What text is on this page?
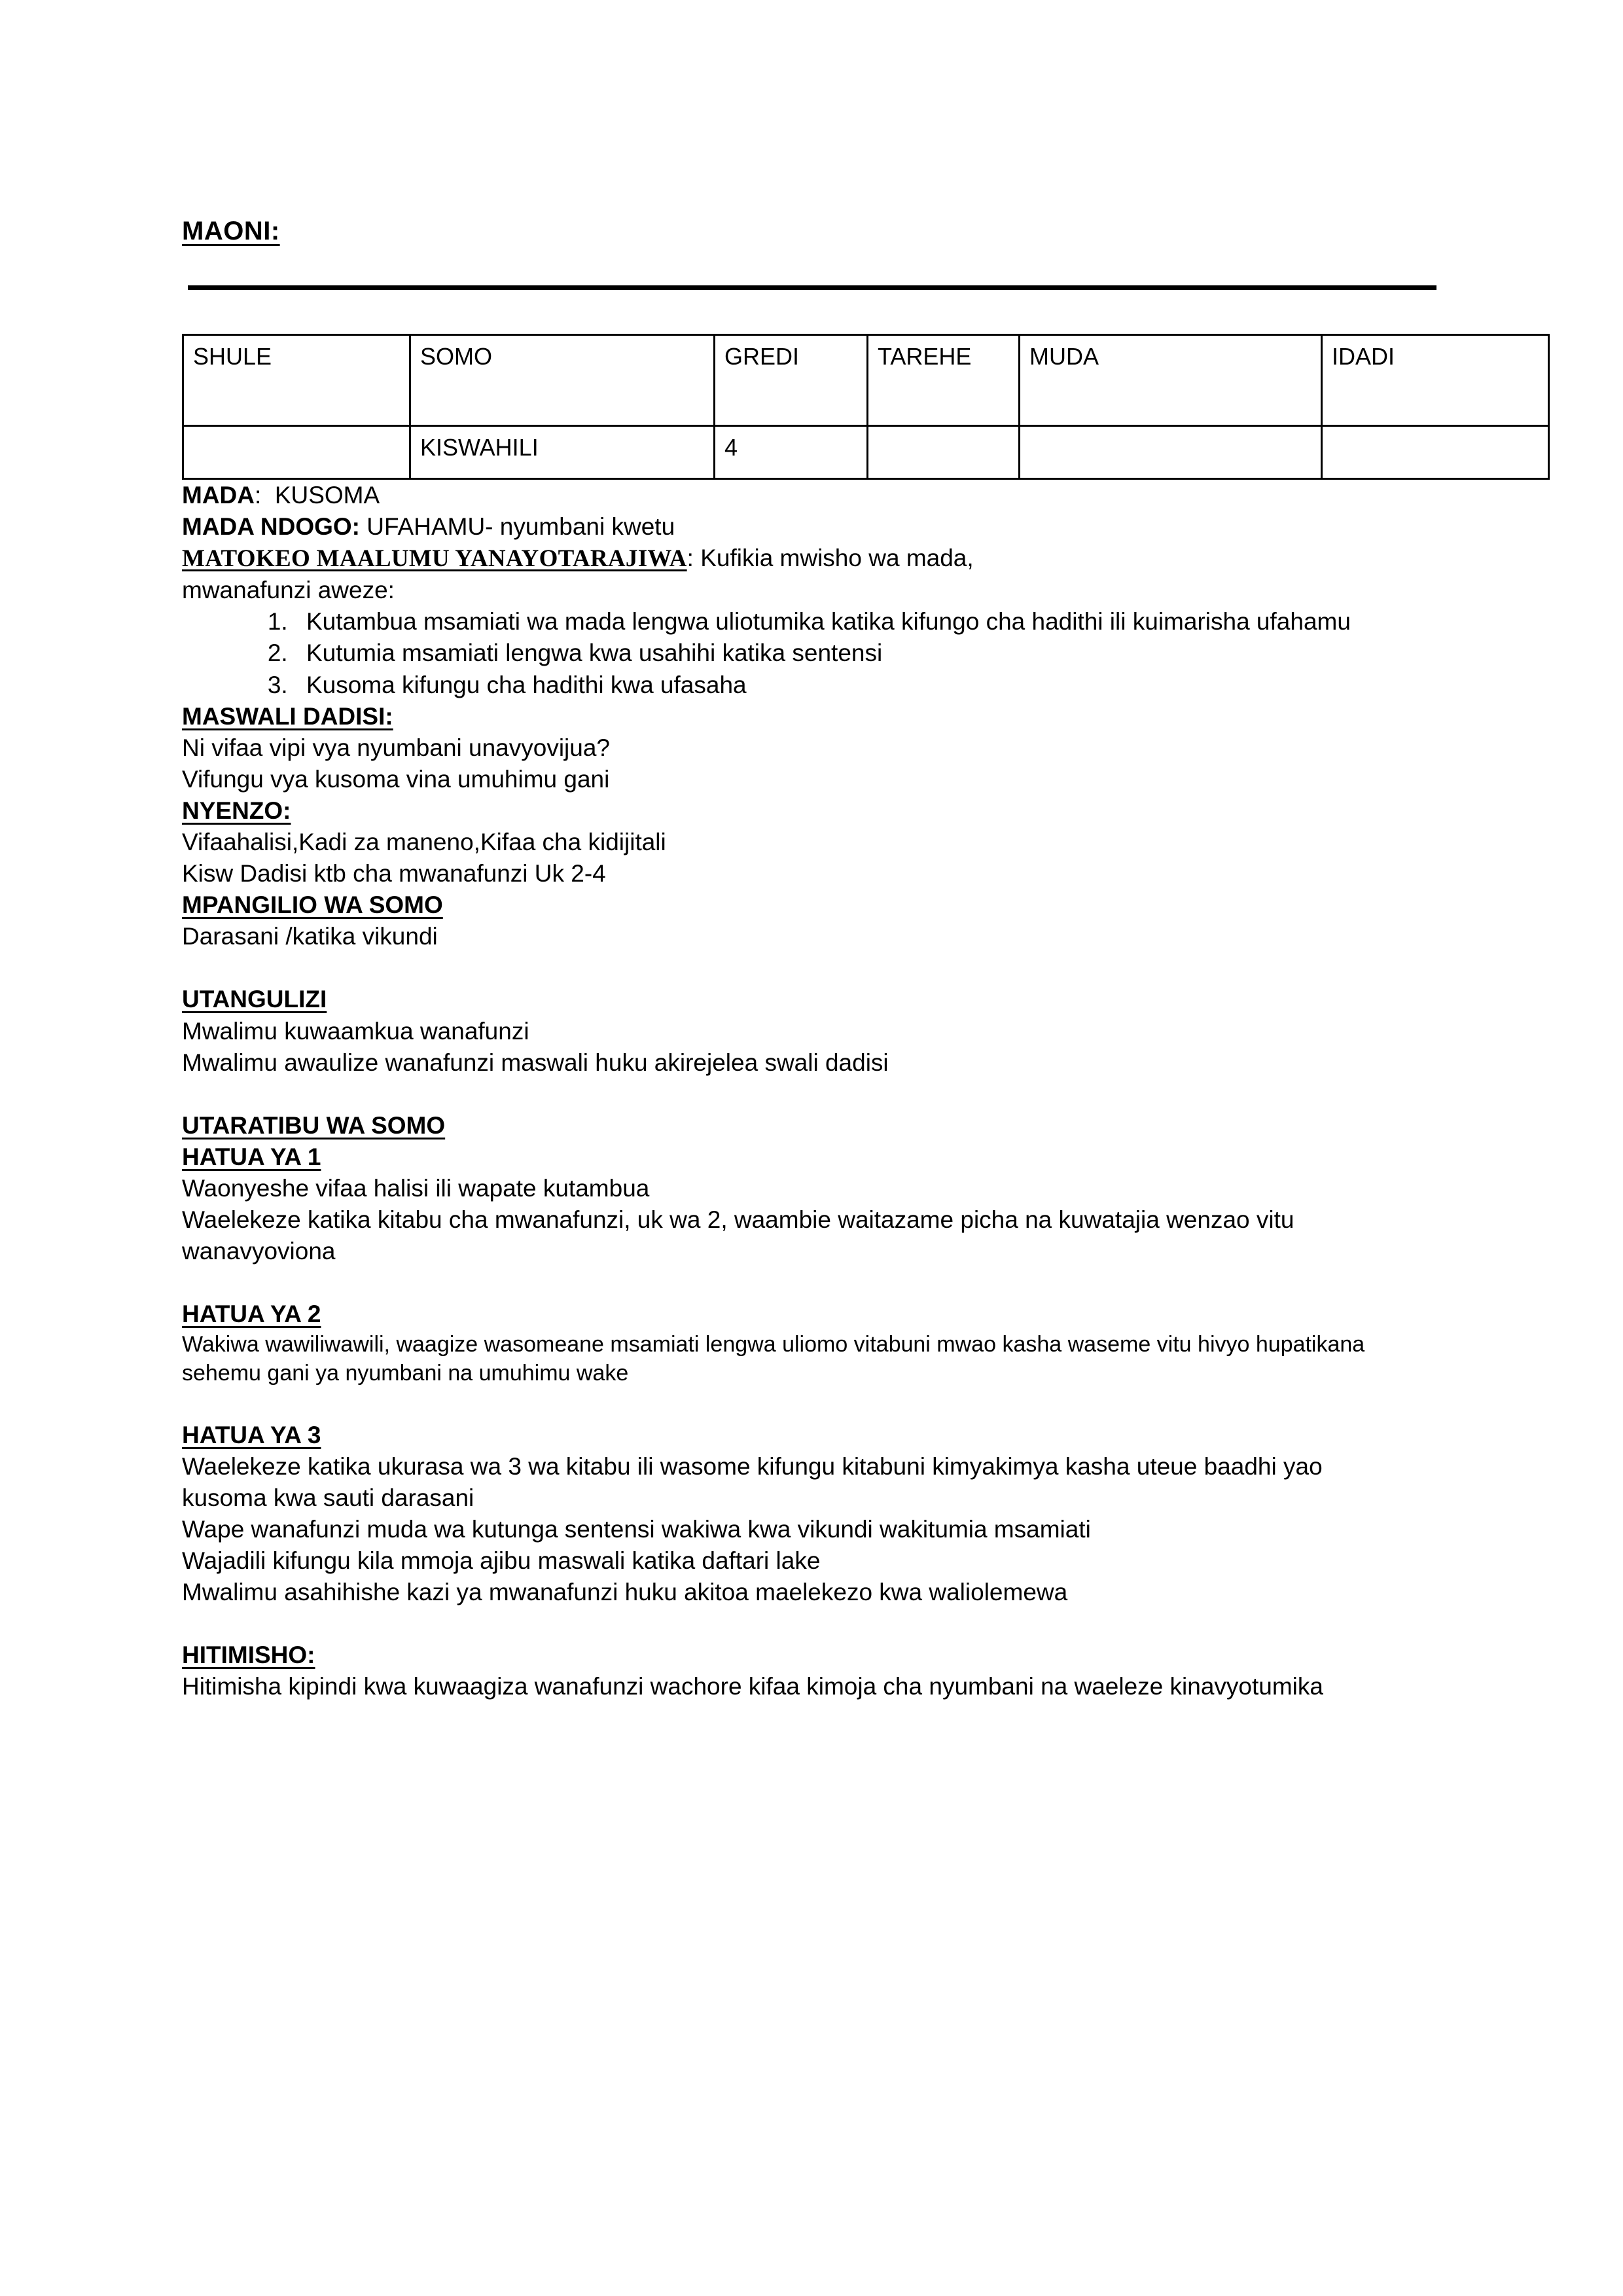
MAONI:
SHULE	SOMO	GREDI	TAREHE	MUDA	IDADI
	KISWAHILI	4			
MADA:  KUSOMA
MADA NDOGO: UFAHAMU- nyumbani kwetu
MATOKEO MAALUMU YANAYOTARAJIWA: Kufikia mwisho wa mada,
mwanafunzi aweze:
1. Kutambua msamiati wa mada lengwa uliotumika katika kifungo cha hadithi ili kuimarisha ufahamu
2. Kutumia msamiati lengwa kwa usahihi katika sentensi
3. Kusoma kifungu cha hadithi kwa ufasaha
MASWALI DADISI:
Ni vifaa vipi vya nyumbani unavyovijua?
Vifungu vya kusoma vina umuhimu gani
NYENZO:
Vifaahalisi,Kadi za maneno,Kifaa cha kidijitali
Kisw Dadisi ktb cha mwanafunzi Uk 2-4
MPANGILIO WA SOMO
Darasani /katika vikundi
UTANGULIZI
Mwalimu kuwaamkua wanafunzi
Mwalimu awaulize wanafunzi maswali huku akirejelea swali dadisi
UTARATIBU WA SOMO
HATUA YA 1
Waonyeshe vifaa halisi ili wapate kutambua
Waelekeze katika kitabu cha mwanafunzi, uk wa 2, waambie waitazame picha na kuwatajia wenzao vitu wanavyoviona
HATUA YA 2
Wakiwa wawiliwawili, waagize wasomeane msamiati lengwa uliomo vitabuni mwao kasha waseme vitu hivyo hupatikana sehemu gani ya nyumbani na umuhimu wake
HATUA YA 3
Waelekeze katika ukurasa wa 3 wa kitabu ili wasome kifungu kitabuni kimyakimya kasha uteue baadhi yao kusoma kwa sauti darasani
Wape wanafunzi muda wa kutunga sentensi wakiwa kwa vikundi wakitumia msamiati
Wajadili kifungu kila mmoja ajibu maswali katika daftari lake
Mwalimu asahihishe kazi ya mwanafunzi huku akitoa maelekezo kwa waliolemewa
HITIMISHO:
Hitimisha kipindi kwa kuwaagiza wanafunzi wachore kifaa kimoja cha nyumbani na waeleze kinavyotumika
